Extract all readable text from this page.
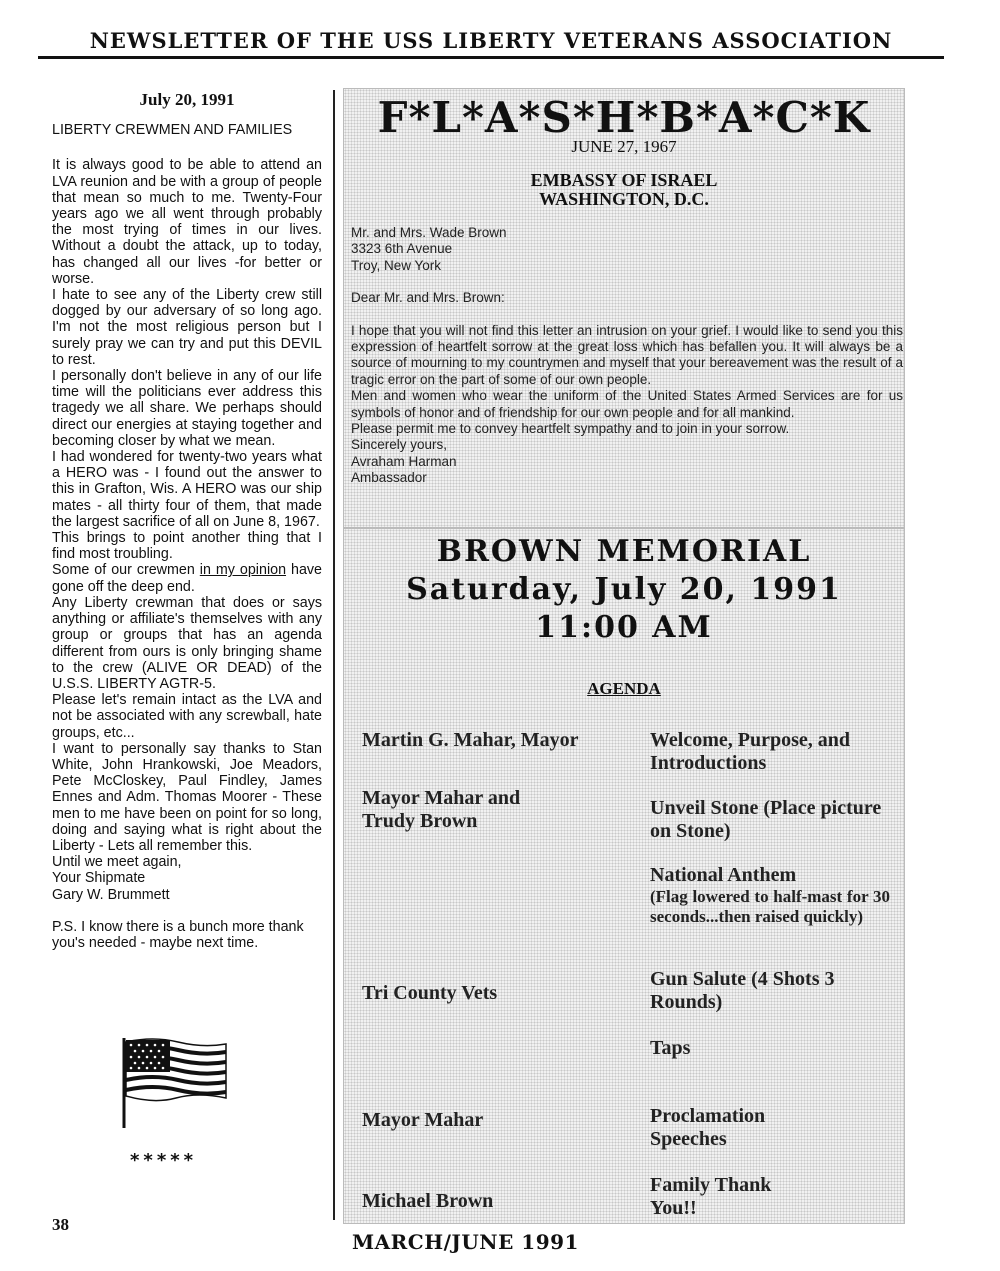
NEWSLETTER OF THE USS LIBERTY VETERANS ASSOCIATION
July 20, 1991
LIBERTY CREWMEN AND FAMILIES

It is always good to be able to attend an LVA reunion and be with a group of people that mean so much to me. Twenty-Four years ago we all went through probably the most trying of times in our lives. Without a doubt the attack, up to today, has changed all our lives -for better or worse.

I hate to see any of the Liberty crew still dogged by our adversary of so long ago. I'm not the most religious person but I surely pray we can try and put this DEVIL to rest.

I personally don't believe in any of our life time will the politicians ever address this tragedy we all share. We perhaps should direct our energies at staying together and becoming closer by what we mean.

I had wondered for twenty-two years what a HERO was - I found out the answer to this in Grafton, Wis. A HERO was our ship mates - all thirty four of them, that made the largest sacrifice of all on June 8, 1967.

This brings to point another thing that I find most troubling.

Some of our crewmen in my opinion have gone off the deep end.

Any Liberty crewman that does or says anything or affiliate's themselves with any group or groups that has an agenda different from ours is only bringing shame to the crew (ALIVE OR DEAD) of the U.S.S. LIBERTY AGTR-5.

Please let's remain intact as the LVA and not be associated with any screwball, hate groups, etc...

I want to personally say thanks to Stan White, John Hrankowski, Joe Meadors, Pete McCloskey, Paul Findley, James Ennes and Adm. Thomas Moorer - These men to me have been on point for so long, doing and saying what is right about the Liberty - Lets all remember this.

Until we meet again,

Your Shipmate

Gary W. Brummett

P.S. I know there is a bunch more thank you's needed - maybe next time.

*****
38
F*L*A*S*H*B*A*C*K
JUNE 27, 1967
EMBASSY OF ISRAEL
WASHINGTON, D.C.

Mr. and Mrs. Wade Brown

3323 6th Avenue

Troy, New York

Dear Mr. and Mrs. Brown:

I hope that you will not find this letter an intrusion on your grief. I would like to send you this expression of heartfelt sorrow at the great loss which has befallen you. It will always be a source of mourning to my countrymen and myself that your bereavement was the result of a tragic error on the part of some of our own people.

Men and women who wear the uniform of the United States Armed Services are for us symbols of honor and of friendship for our own people and for all mankind.

Please permit me to convey heartfelt sympathy and to join in your sorrow.

Sincerely yours,

Avraham Harman

Ambassador

BROWN MEMORIAL
Saturday, July 20, 1991
11:00 AM
AGENDA
Martin G. Mahar, Mayor	Welcome, Purpose, and Introductions
Mayor Mahar and Trudy Brown
Unveil Stone (Place picture on Stone)
National Anthem
(Flag lowered to half-mast for 30 seconds...then raised quickly)
Tri County Vets
Gun Salute (4 Shots 3 Rounds)
Taps
Mayor Mahar	Proclamation Speeches
Michael Brown
Family Thank You!!
MARCH/JUNE 1991
